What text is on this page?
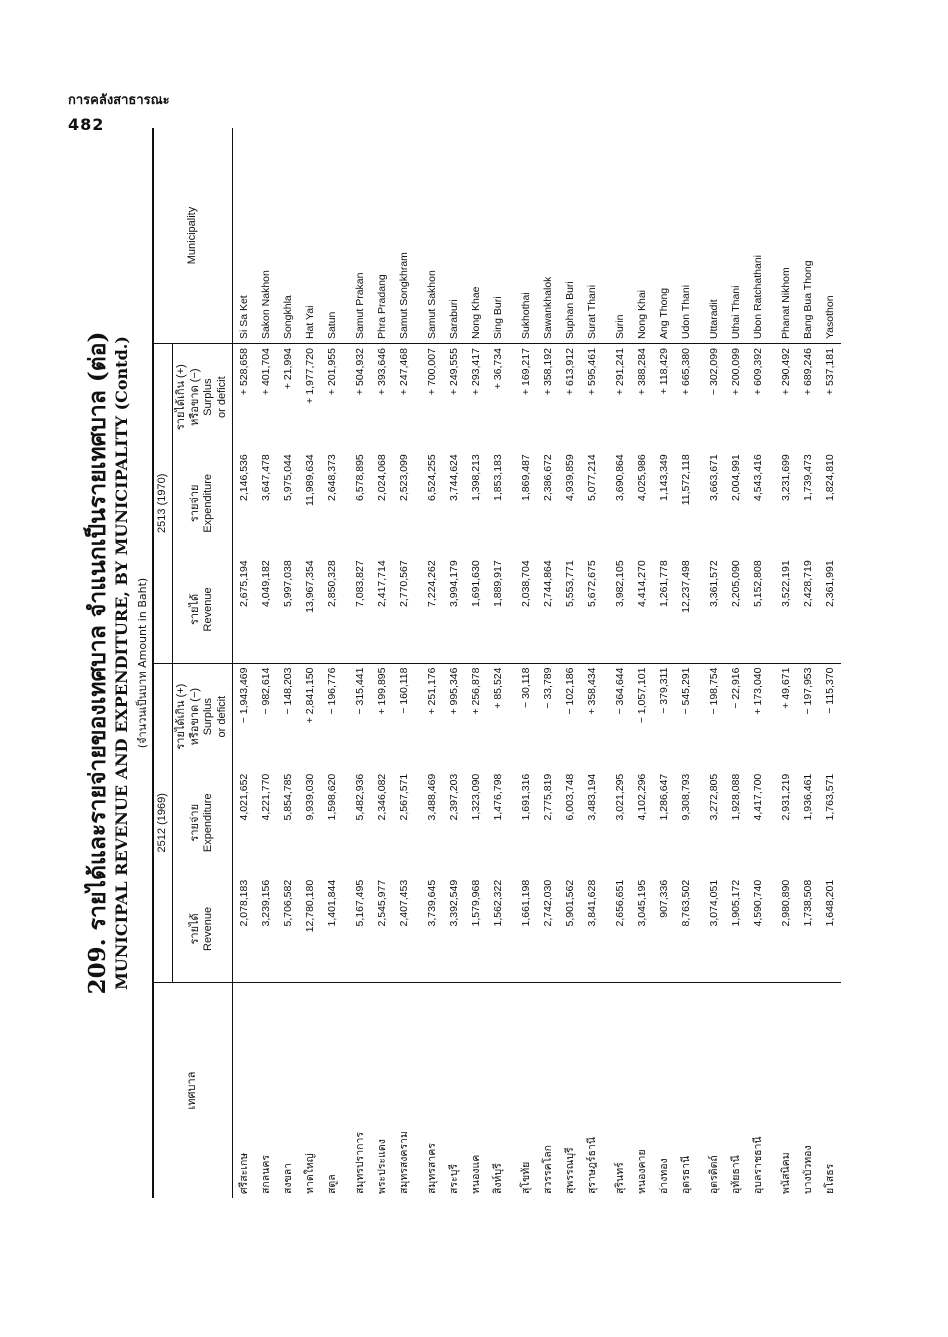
การคลังสาธารณะ
482
209. รายได้และรายจ่ายของเทศบาล จำแนกเป็นรายเทศบาล (ต่อ) MUNICIPAL REVENUE AND EXPENDITURE, BY MUNICIPALITY (Contd.) (จำนวนเป็นบาท Amount in Baht)
เทศบาล	2512 (1969)			2513 (1970)			Municipality
	รายได้ Revenue	รายจ่าย Expenditure	รายได้เกิน (+) หรือขาด (−) Surplus or deficit	รายได้ Revenue	รายจ่าย Expenditure	รายได้เกิน (+) หรือขาด (−) Surplus or deficit	
ศรีสะเกษ	2,078,183	4,021,652	− 1,943,469	2,675,194	2,146,536	+ 528,658	Si Sa Ket
สกลนคร	3,239,156	4,221,770	− 982,614	4,049,182	3,647,478	+ 401,704	Sakon Nakhon
สงขลา	5,706,582	5,854,785	− 148,203	5,997,038	5,975,044	+ 21,994	Songkhla
หาดใหญ่	12,780,180	9,939,030	+ 2,841,150	13,967,354	11,989,634	+ 1,977,720	Hat Yai
สตูล	1,401,844	1,598,620	− 196,776	2,850,328	2,648,373	+ 201,955	Satun

สมุทรปราการ	5,167,495	5,482,936	− 315,441	7,083,827	6,578,895	+ 504,932	Samut Prakan
พระประแดง	2,545,977	2,346,082	+ 199,895	2,417,714	2,024,068	+ 393,646	Phra Pradang
สมุทรสงคราม	2,407,453	2,567,571	− 160,118	2,770,567	2,523,099	+ 247,468	Samut Songkhram

สมุทรสาคร	3,739,645	3,488,469	+ 251,176	7,224,262	6,524,255	+ 700,007	Samut Sakhon
สระบุรี	3,392,549	2,397,203	+ 995,346	3,994,179	3,744,624	+ 249,555	Saraburi
หนองแค	1,579,968	1,323,090	+ 256,878	1,691,630	1,398,213	+ 293,417	Nong Khae
สิงห์บุรี	1,562,322	1,476,798	+ 85,524	1,889,917	1,853,183	+ 36,734	Sing Buri

สุโขทัย	1,661,198	1,691,316	− 30,118	2,038,704	1,869,487	+ 169,217	Sukhothai
สวรรคโลก	2,742,030	2,775,819	− 33,789	2,744,864	2,386,672	+ 358,192	Sawankhalok
สุพรรณบุรี	5,901,562	6,003,748	− 102,186	5,553,771	4,939,859	+ 613,912	Suphan Buri
สุราษฎร์ธานี	3,841,628	3,483,194	+ 358,434	5,672,675	5,077,214	+ 595,461	Surat Thani

สุรินทร์	2,656,651	3,021,295	− 364,644	3,982,105	3,690,864	+ 291,241	Surin
หนองคาย	3,045,195	4,102,296	− 1,057,101	4,414,270	4,025,986	+ 388,284	Nong Khai
อ่างทอง	907,336	1,286,647	− 379,311	1,261,778	1,143,349	+ 118,429	Ang Thong
อุดรธานี	8,763,502	9,308,793	− 545,291	12,237,498	11,572,118	+ 665,380	Udon Thani

อุตรดิตถ์	3,074,051	3,272,805	− 198,754	3,361,572	3,663,671	− 302,099	Uttaradit
อุทัยธานี	1,905,172	1,928,088	− 22,916	2,205,090	2,004,991	+ 200,099	Uthai Thani
อุบลราชธานี	4,590,740	4,417,700	+ 173,040	5,152,808	4,543,416	+ 609,392	Ubon Ratchathani

พนัสนิคม	2,980,890	2,931,219	+ 49,671	3,522,191	3,231,699	+ 290,492	Phanat Nikhom
บางบัวทอง	1,738,508	1,936,461	− 197,953	2,428,719	1,739,473	+ 689,246	Bang Bua Thong
ยโสธร	1,648,201	1,763,571	− 115,370	2,361,991	1,824,810	+ 537,181	Yasothon
